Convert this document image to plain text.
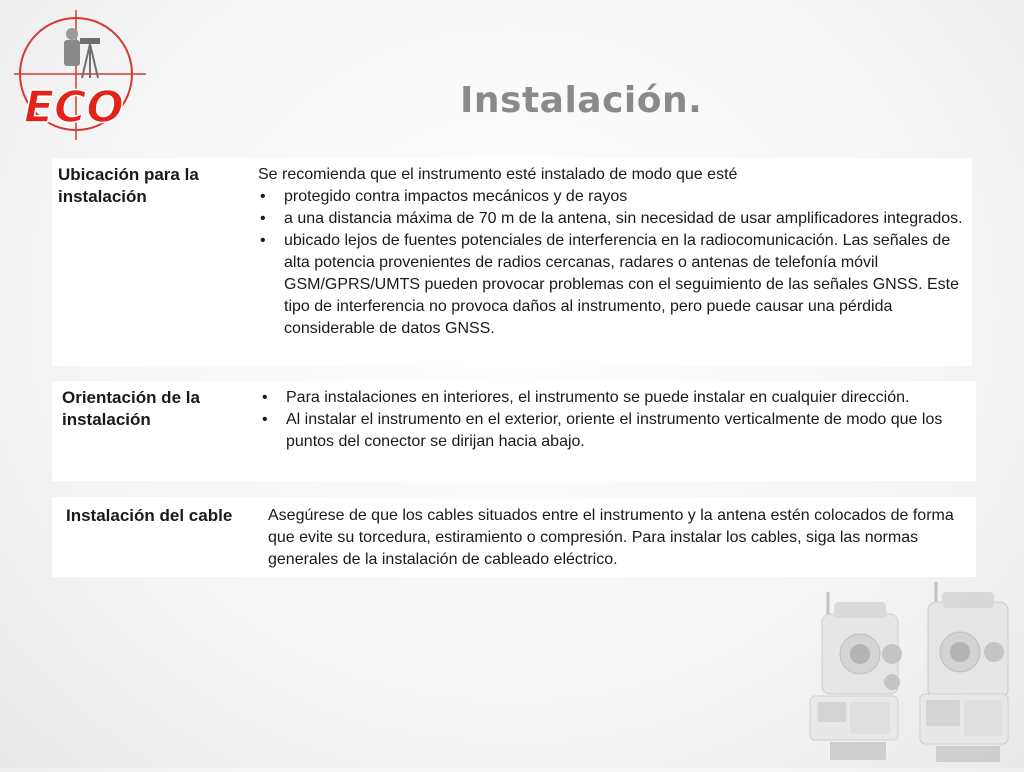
ECO	Instalación.
Ubicación para la instalación
Se recomienda que el instrumento esté instalado de modo que esté
• protegido contra impactos mecánicos y de rayos
• a una distancia máxima de 70 m de la antena, sin necesidad de usar amplificadores integrados.
• ubicado lejos de fuentes potenciales de interferencia en la radiocomunicación. Las señales de alta potencia provenientes de radios cercanas, radares o antenas de telefonía móvil GSM/GPRS/UMTS pueden provocar problemas con el seguimiento de las señales GNSS. Este tipo de interferencia no provoca daños al instrumento, pero puede causar una pérdida considerable de datos GNSS.
Orientación de la instalación
• Para instalaciones en interiores, el instrumento se puede instalar en cualquier dirección.
• Al instalar el instrumento en el exterior, oriente el instrumento verticalmente de modo que los puntos del conector se dirijan hacia abajo.
Instalación del cable	Asegúrese de que los cables situados entre el instrumento y la antena estén colocados de forma que evite su torcedura, estiramiento o compresión. Para instalar los cables, siga las normas generales de la instalación de cableado eléctrico.
